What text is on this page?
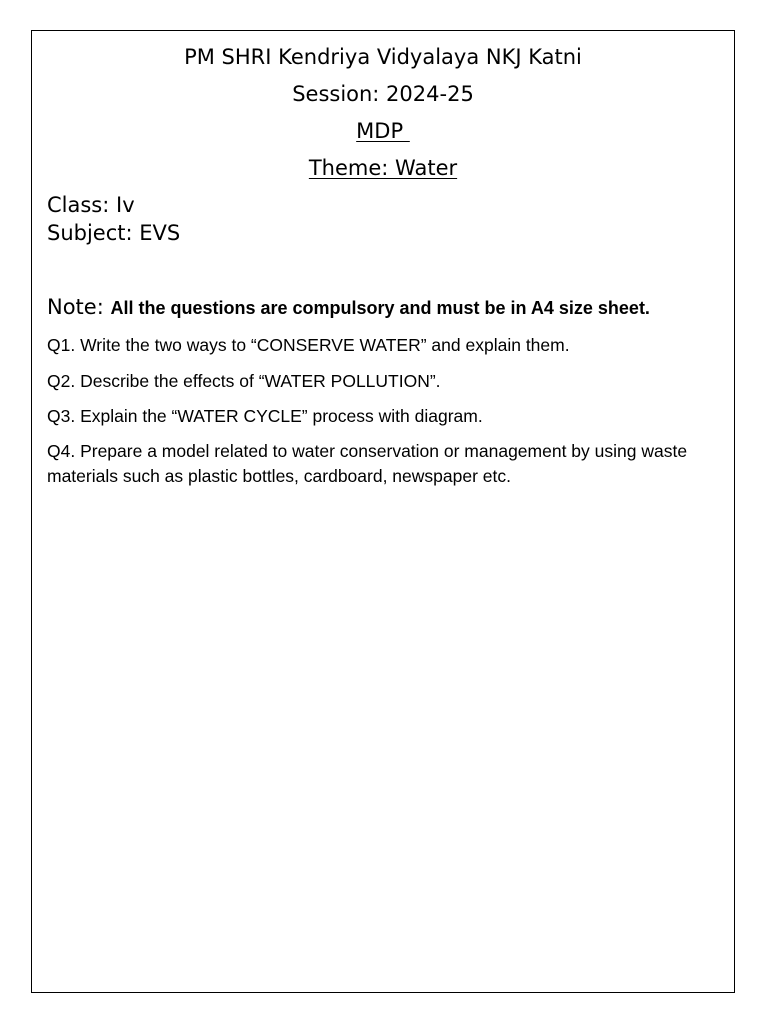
PM SHRI Kendriya Vidyalaya NKJ Katni
Session: 2024-25
MDP
Theme: Water
Class: Iv
Subject: EVS
Note: All the questions are compulsory and must be in A4 size sheet.
Q1. Write the two ways to “CONSERVE WATER” and explain them.
Q2. Describe the effects of “WATER POLLUTION”.
Q3. Explain the “WATER CYCLE” process with diagram.
Q4. Prepare a model related to water conservation or management by using waste materials such as plastic bottles, cardboard, newspaper etc.
